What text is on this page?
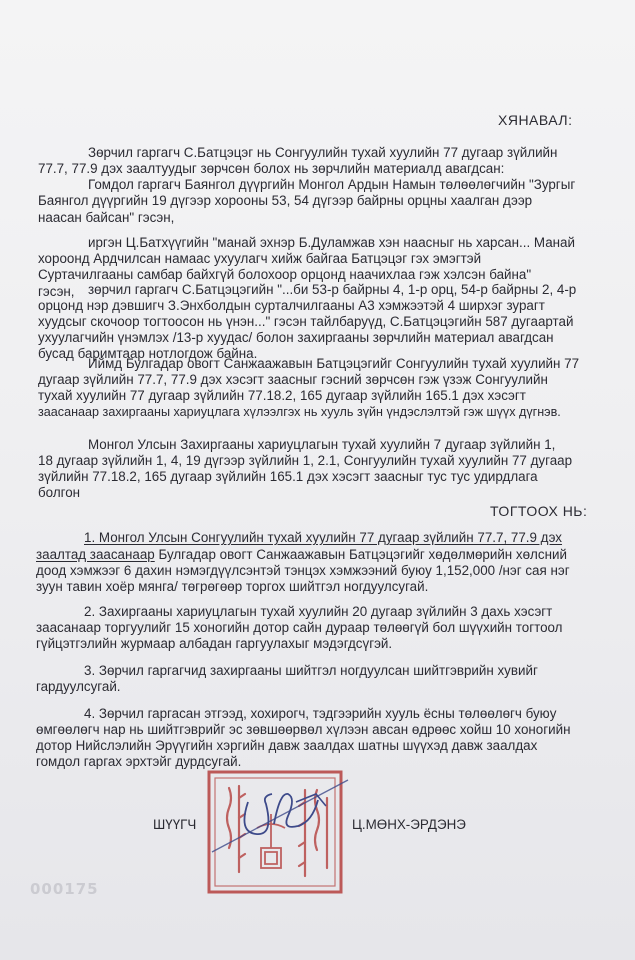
ХЯНАВАЛ:
Зөрчил гаргагч С.Батцэцэг нь Сонгуулийн тухай хуулийн 77 дугаар зүйлийн
77.7, 77.9 дэх заалтуудыг зөрчсөн болох нь зөрчлийн материалд авагдсан:
Гомдол гаргагч Баянгол дүүргийн Монгол Ардын Намын төлөөлөгчийн "Зургыг
Баянгол дүүргийн 19 дүгээр хорооны 53, 54 дүгээр байрны орцны хаалган дээр
наасан байсан" гэсэн,
иргэн Ц.Батхүүгийн "манай эхнэр Б.Дуламжав хэн наасныг нь харсан... Манай
хороонд Ардчилсан намаас ухуулагч хийж байгаа Батцэцэг гэх эмэгтэй
Суртачилгааны самбар байхгүй болохоор орцонд наачихлаа гэж хэлсэн байна"
гэсэн, зөрчил гаргагч С.Батцэцэгийн "...би 53-р байрны 4, 1-р орц, 54-р байрны 2, 4-р
орцонд нэр дэвшигч З.Энхболдын сурталчилгааны А3 хэмжээтэй 4 ширхэг зурагт
хуудсыг скочоор тогтоосон нь үнэн..." гэсэн тайлбаруүд, С.Батцэцэгийн 587 дугаартай
ухуулагчийн үнэмлэх /13-р хуудас/ болон захиргааны зөрчлийн материал авагдсан
бусад баримтаар нотлогдож байна.
Иймд Булгадар овогт Санжаажавын Батцэцэгийг Сонгуулийн тухай хуулийн 77
дугаар зүйлийн 77.7, 77.9 дэх хэсэгт заасныг гэсний зөрчсөн гэж үзэж Сонгуулийн
тухай хуулийн 77 дугаар зүйлийн 77.18.2, 165 дугаар зүйлийн 165.1 дэх хэсэгт
заасанаар захиргааны хариуцлага хүлээлгэх нь хууль зүйн үндэслэлтэй гэж шүүх дүгнэв.
Монгол Улсын Захиргааны хариуцлагын тухай хуулийн 7 дугаар зүйлийн 1,
18 дугаар зүйлийн 1, 4, 19 дүгээр зүйлийн 1, 2.1, Сонгуулийн тухай хуулийн 77 дугаар
зүйлийн 77.18.2, 165 дугаар зүйлийн 165.1 дэх хэсэгт заасныг тус тус удирдлага
болгон
ТОГТООХ НЬ:
1. Монгол Улсын Сонгуулийн тухай хуулийн 77 дугаар зүйлийн 77.7, 77.9 дэх
заалтад заасанаар Булгадар овогт Санжаажавын Батцэцэгийг хөдөлмөрийн хөлсний
доод хэмжээг 6 дахин нэмэгдүүлсэнтэй тэнцэх хэмжээний буюу 1,152,000 /нэг сая нэг
зуун тавин хоёр мянга/ төгрөгөөр торгох шийтгэл ногдуулсугай.
2. Захиргааны хариуцлагын тухай хуулийн 20 дугаар зүйлийн 3 дахь хэсэгт
заасанаар торгуулийг 15 хоногийн дотор сайн дураар төлөөгүй бол шүүхийн тогтоол
гүйцэтгэлийн журмаар албадан гаргуулахыг мэдэгдсүгэй.
3. Зөрчил гаргагчид захиргааны шийтгэл ногдуулсан шийтгэврийн хувийг
гардуулсугай.
4. Зөрчил гаргасан этгээд, хохирогч, тэдгээрийн хууль ёсны төлөөлөгч буюу
өмгөөлөгч нар нь шийтгэврийг эс зөвшөөрвөл хүлээн авсан өдрөөс хойш 10 хоногийн
дотор Нийслэлийн Эрүүгийн хэргийн давж заалдах шатны шүүхэд давж заалдах
гомдол гаргах эрхтэйг дурдсугай.
ШҮҮГЧ	Ц.МӨНХ-ЭРДЭНЭ
000175
